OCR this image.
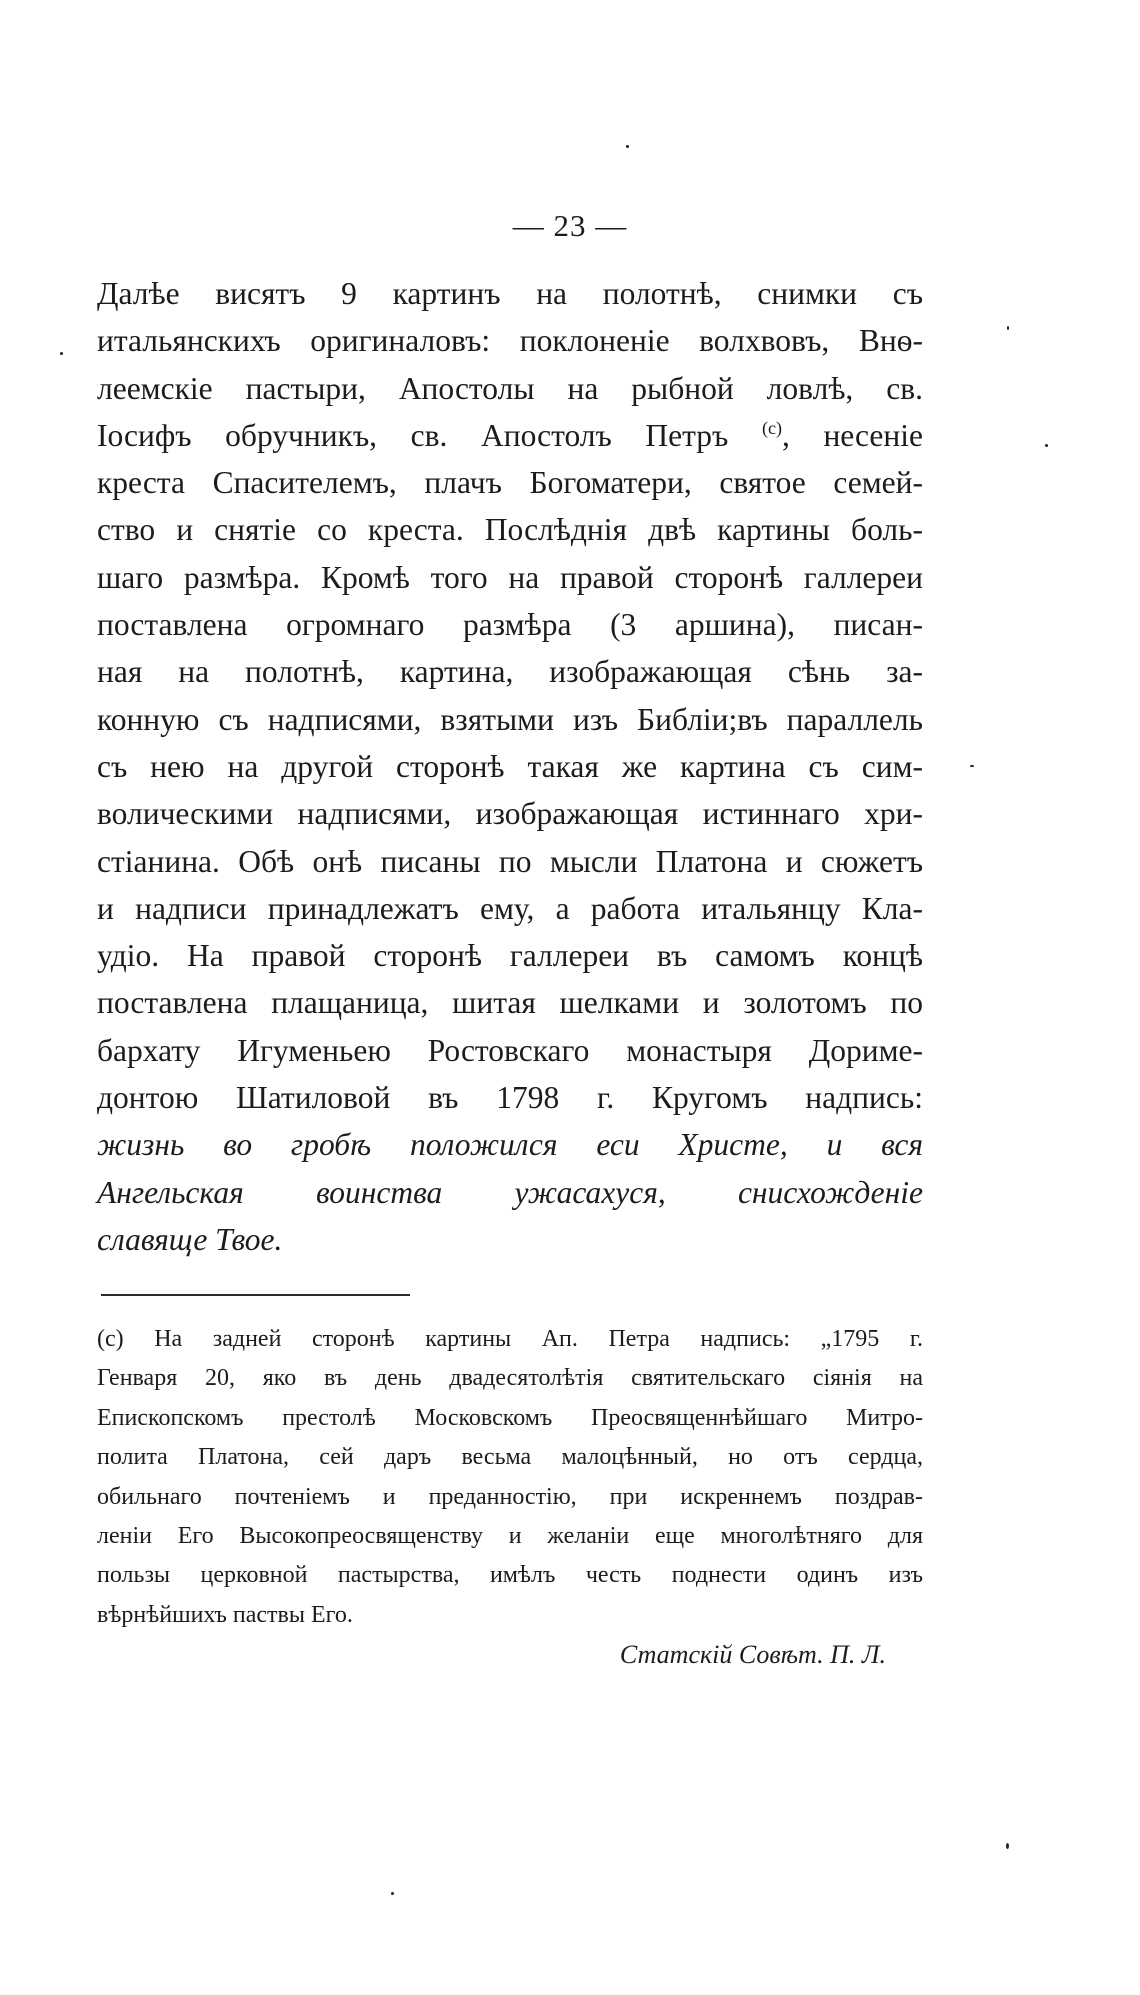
— 23 —
Далѣе висятъ 9 картинъ на полотнѣ, снимки съ
итальянскихъ оригиналовъ: поклоненіе волхвовъ, Внѳ-
леемскіе пастыри, Апостолы на рыбной ловлѣ, св.
Іосифъ обручникъ, св. Апостолъ Петръ $^{(c)}$, несеніе
креста Спасителемъ, плачъ Богоматери, святое семей-
ство и снятіе со креста. Послѣднія двѣ картины боль-
шаго размѣра. Кромѣ того на правой сторонѣ галлереи
поставлена огромнаго размѣра (3 аршина), писан-
ная на полотнѣ, картина, изображающая сѣнь за-
конную съ надписями, взятыми изъ Библіи;въ параллель
съ нею на другой сторонѣ такая же картина съ сим-
волическими надписями, изображающая истиннаго хри-
стіанина. Обѣ онѣ писаны по мысли Платона и сюжетъ
и надписи принадлежатъ ему, а работа итальянцу Кла-
удіо. На правой сторонѣ галлереи въ самомъ концѣ
поставлена плащаница, шитая шелками и золотомъ по
бархату Игуменьею Ростовскаго монастыря Доримe-
донтою Шатиловой въ 1798 г. Кругомъ надпись:
жизнь во гробѣ положился еси Христе, и вся
Ангельская воинства ужасахуся, снисхожденіе
славяще Твое.
(c) На задней сторонѣ картины Ап. Петра надпись: „1795 г.
Генваря 20, яко въ день двадесятолѣтія святительскаго сіянія на
Епископскомъ престолѣ Московскомъ Преосвященнѣйшаго Митро-
полита Платона, сей даръ весьма малоцѣнный, но отъ сердца,
обильнаго почтеніемъ и преданностію, при искреннемъ поздрав-
леніи Его Высокопреосвященству и желаніи еще многолѣтняго для
пользы церковной пастырства, имѣлъ честь поднести одинъ изъ
вѣрнѣйшихъ паствы Его.
Статскій Совѣт. П. Л.
